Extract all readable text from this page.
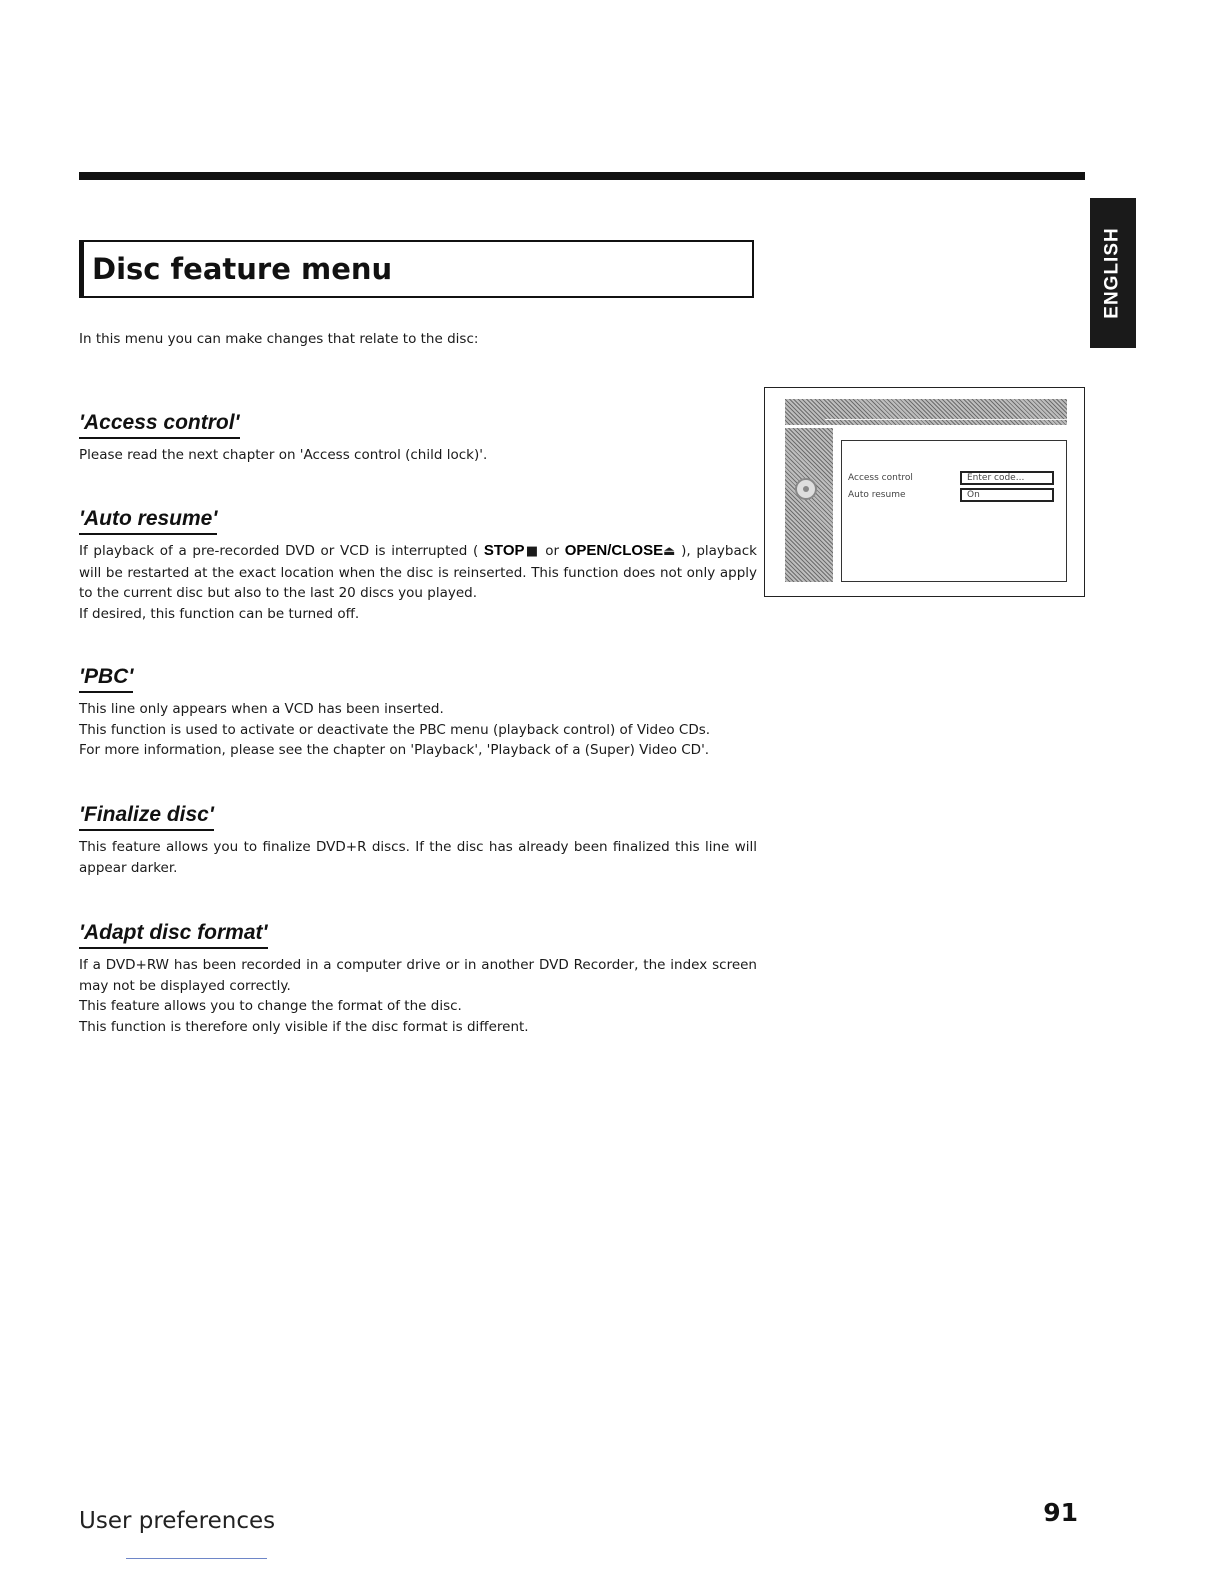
ENGLISH
Disc feature menu
In this menu you can make changes that relate to the disc:
'Access control'

Please read the next chapter on 'Access control (child lock)'.

'Auto resume'

If playback of a pre-recorded DVD or VCD is interrupted ( STOP■ or OPEN/CLOSE⏏ ), playback will be restarted at the exact location when the disc is reinserted. This function does not only apply to the current disc but also to the last 20 discs you played.

If desired, this function can be turned off.

'PBC'

This line only appears when a VCD has been inserted.

This function is used to activate or deactivate the PBC menu (playback control) of Video CDs.

For more information, please see the chapter on 'Playback', 'Playback of a (Super) Video CD'.

'Finalize disc'

This feature allows you to finalize DVD+R discs. If the disc has already been finalized this line will appear darker.

'Adapt disc format'

If a DVD+RW has been recorded in a computer drive or in another DVD Recorder, the index screen may not be displayed correctly.

This feature allows you to change the format of the disc.

This function is therefore only visible if the disc format is different.

Access control	Enter code...
Auto resume	On
User preferences	91
